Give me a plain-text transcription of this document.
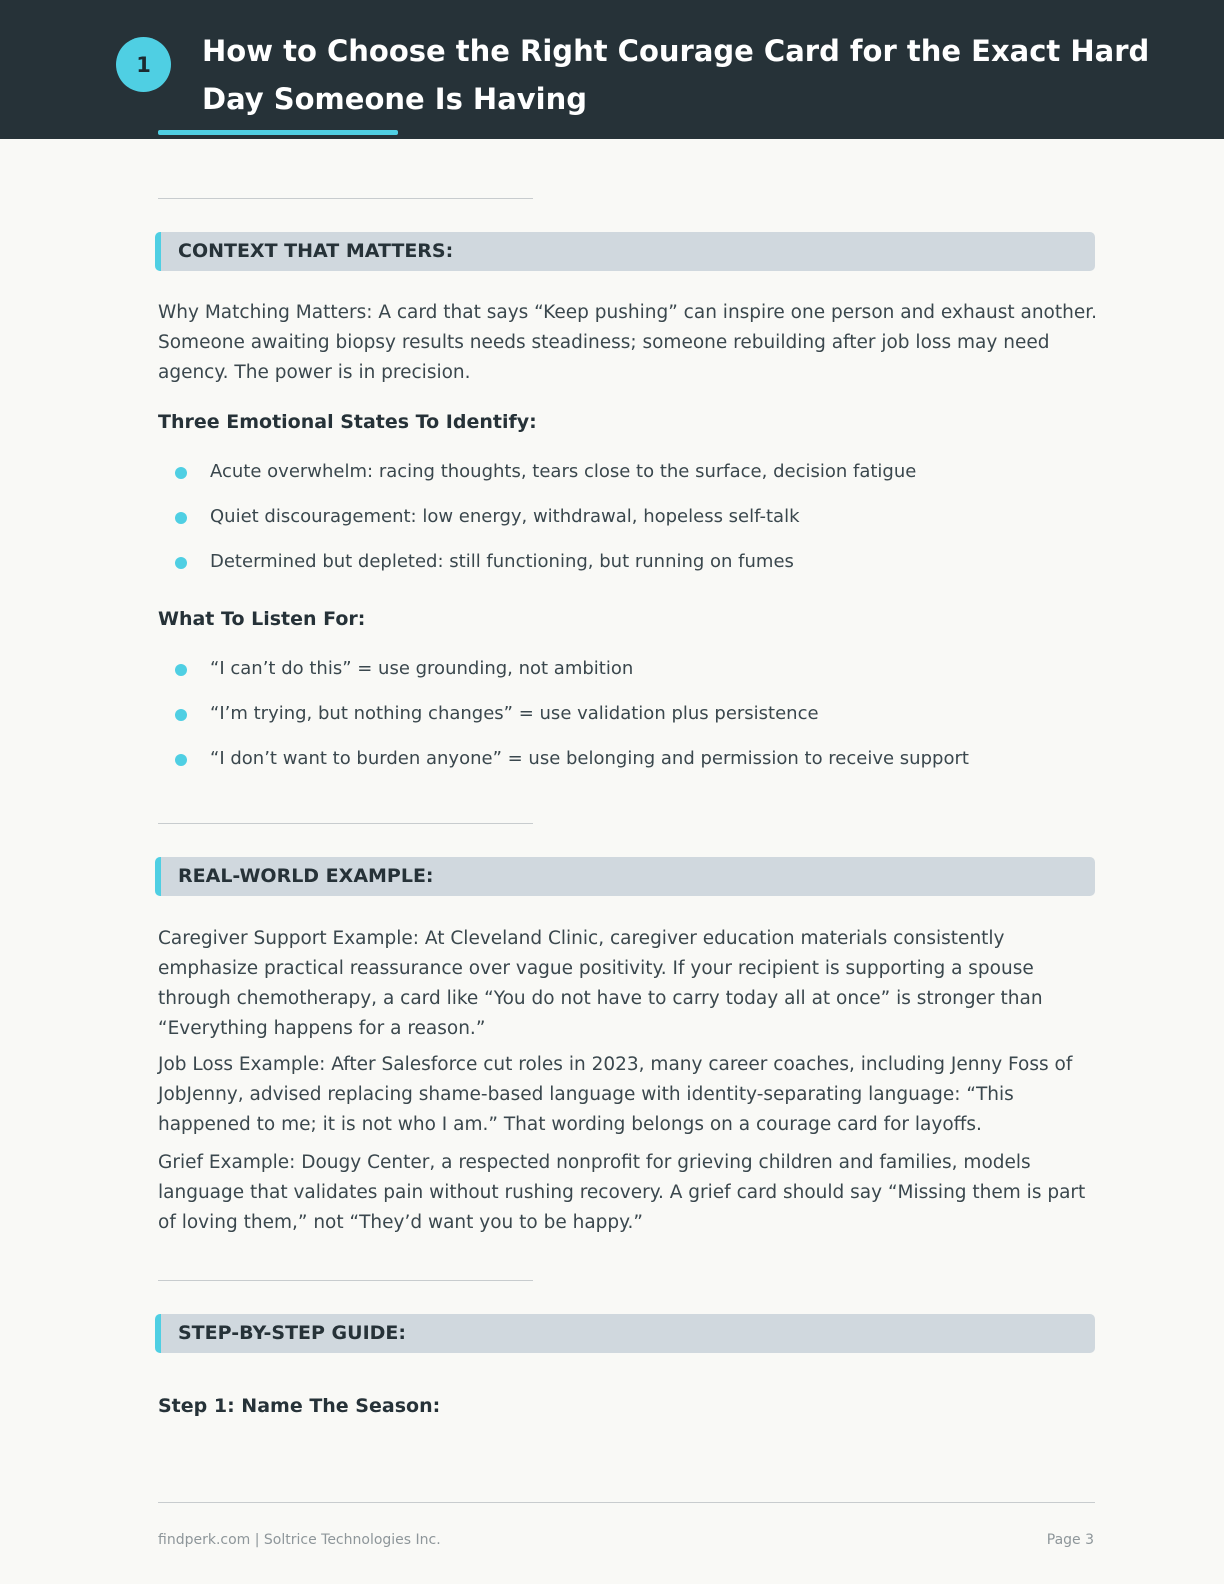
1	How to Choose the Right Courage Card for the Exact Hard Day Someone Is Having
CONTEXT THAT MATTERS:

Why Matching Matters: A card that says “Keep pushing” can inspire one person and exhaust another. Someone awaiting biopsy results needs steadiness; someone rebuilding after job loss may need agency. The power is in precision.

Three Emotional States To Identify:
Acute overwhelm: racing thoughts, tears close to the surface, decision fatigue
Quiet discouragement: low energy, withdrawal, hopeless self-talk
Determined but depleted: still functioning, but running on fumes
What To Listen For:
“I can’t do this” = use grounding, not ambition
“I’m trying, but nothing changes” = use validation plus persistence
“I don’t want to burden anyone” = use belonging and permission to receive support
REAL-WORLD EXAMPLE:

Caregiver Support Example: At Cleveland Clinic, caregiver education materials consistently emphasize practical reassurance over vague positivity. If your recipient is supporting a spouse through chemotherapy, a card like “You do not have to carry today all at once” is stronger than “Everything happens for a reason.”

Job Loss Example: After Salesforce cut roles in 2023, many career coaches, including Jenny Foss of JobJenny, advised replacing shame-based language with identity-separating language: “This happened to me; it is not who I am.” That wording belongs on a courage card for layoffs.

Grief Example: Dougy Center, a respected nonprofit for grieving children and families, models language that validates pain without rushing recovery. A grief card should say “Missing them is part of loving them,” not “They’d want you to be happy.”

STEP-BY-STEP GUIDE:
Step 1: Name The Season:
findperk.com | Soltrice Technologies Inc.	Page 3
